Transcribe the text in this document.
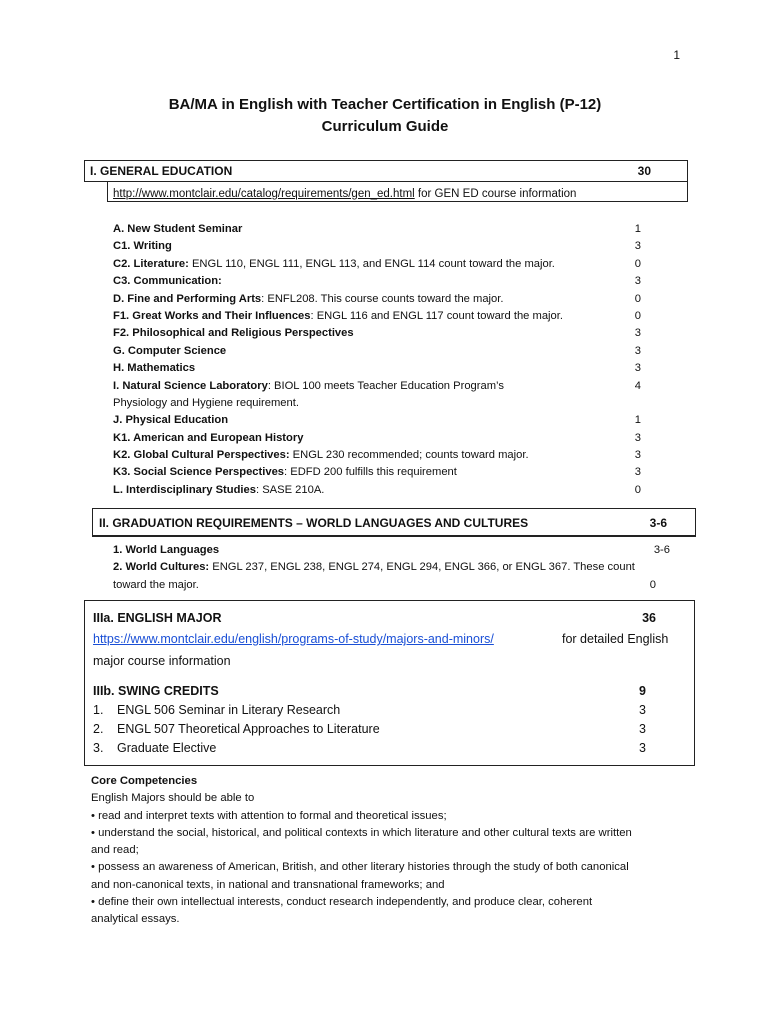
1
BA/MA in English with Teacher Certification in English (P-12)
Curriculum Guide
I. GENERAL EDUCATION	30
http://www.montclair.edu/catalog/requirements/gen_ed.html for GEN ED course information
A. New Student Seminar	1
C1. Writing	3
C2. Literature: ENGL 110, ENGL 111, ENGL 113, and ENGL 114 count toward the major.	0
C3. Communication:	3
D. Fine and Performing Arts: ENFL208. This course counts toward the major.	0
F1. Great Works and Their Influences: ENGL 116 and ENGL 117 count toward the major.	0
F2. Philosophical and Religious Perspectives	3
G. Computer Science	3
H. Mathematics	3
I. Natural Science Laboratory: BIOL 100 meets Teacher Education Program’s	4
Physiology and Hygiene requirement.
J. Physical Education	1
K1. American and European History	3
K2. Global Cultural Perspectives: ENGL 230 recommended; counts toward major.	3
K3. Social Science Perspectives: EDFD 200 fulfills this requirement	3
L. Interdisciplinary Studies: SASE 210A.	0
II. GRADUATION REQUIREMENTS – WORLD LANGUAGES AND CULTURES	3-6
1. World Languages	3-6
2. World Cultures: ENGL 237, ENGL 238, ENGL 274, ENGL 294, ENGL 366, or ENGL 367. These count
toward the major.	0
IIIa. ENGLISH MAJOR	36
https://www.montclair.edu/english/programs-of-study/majors-and-minors/	for detailed English
major course information
IIIb. SWING CREDITS	9
1. ENGL 506 Seminar in Literary Research	3
2. ENGL 507 Theoretical Approaches to Literature	3
3. Graduate Elective	3
Core Competencies
English Majors should be able to
• read and interpret texts with attention to formal and theoretical issues;
• understand the social, historical, and political contexts in which literature and other cultural texts are written
and read;
• possess an awareness of American, British, and other literary histories through the study of both canonical
and non-canonical texts, in national and transnational frameworks; and
• define their own intellectual interests, conduct research independently, and produce clear, coherent
analytical essays.
